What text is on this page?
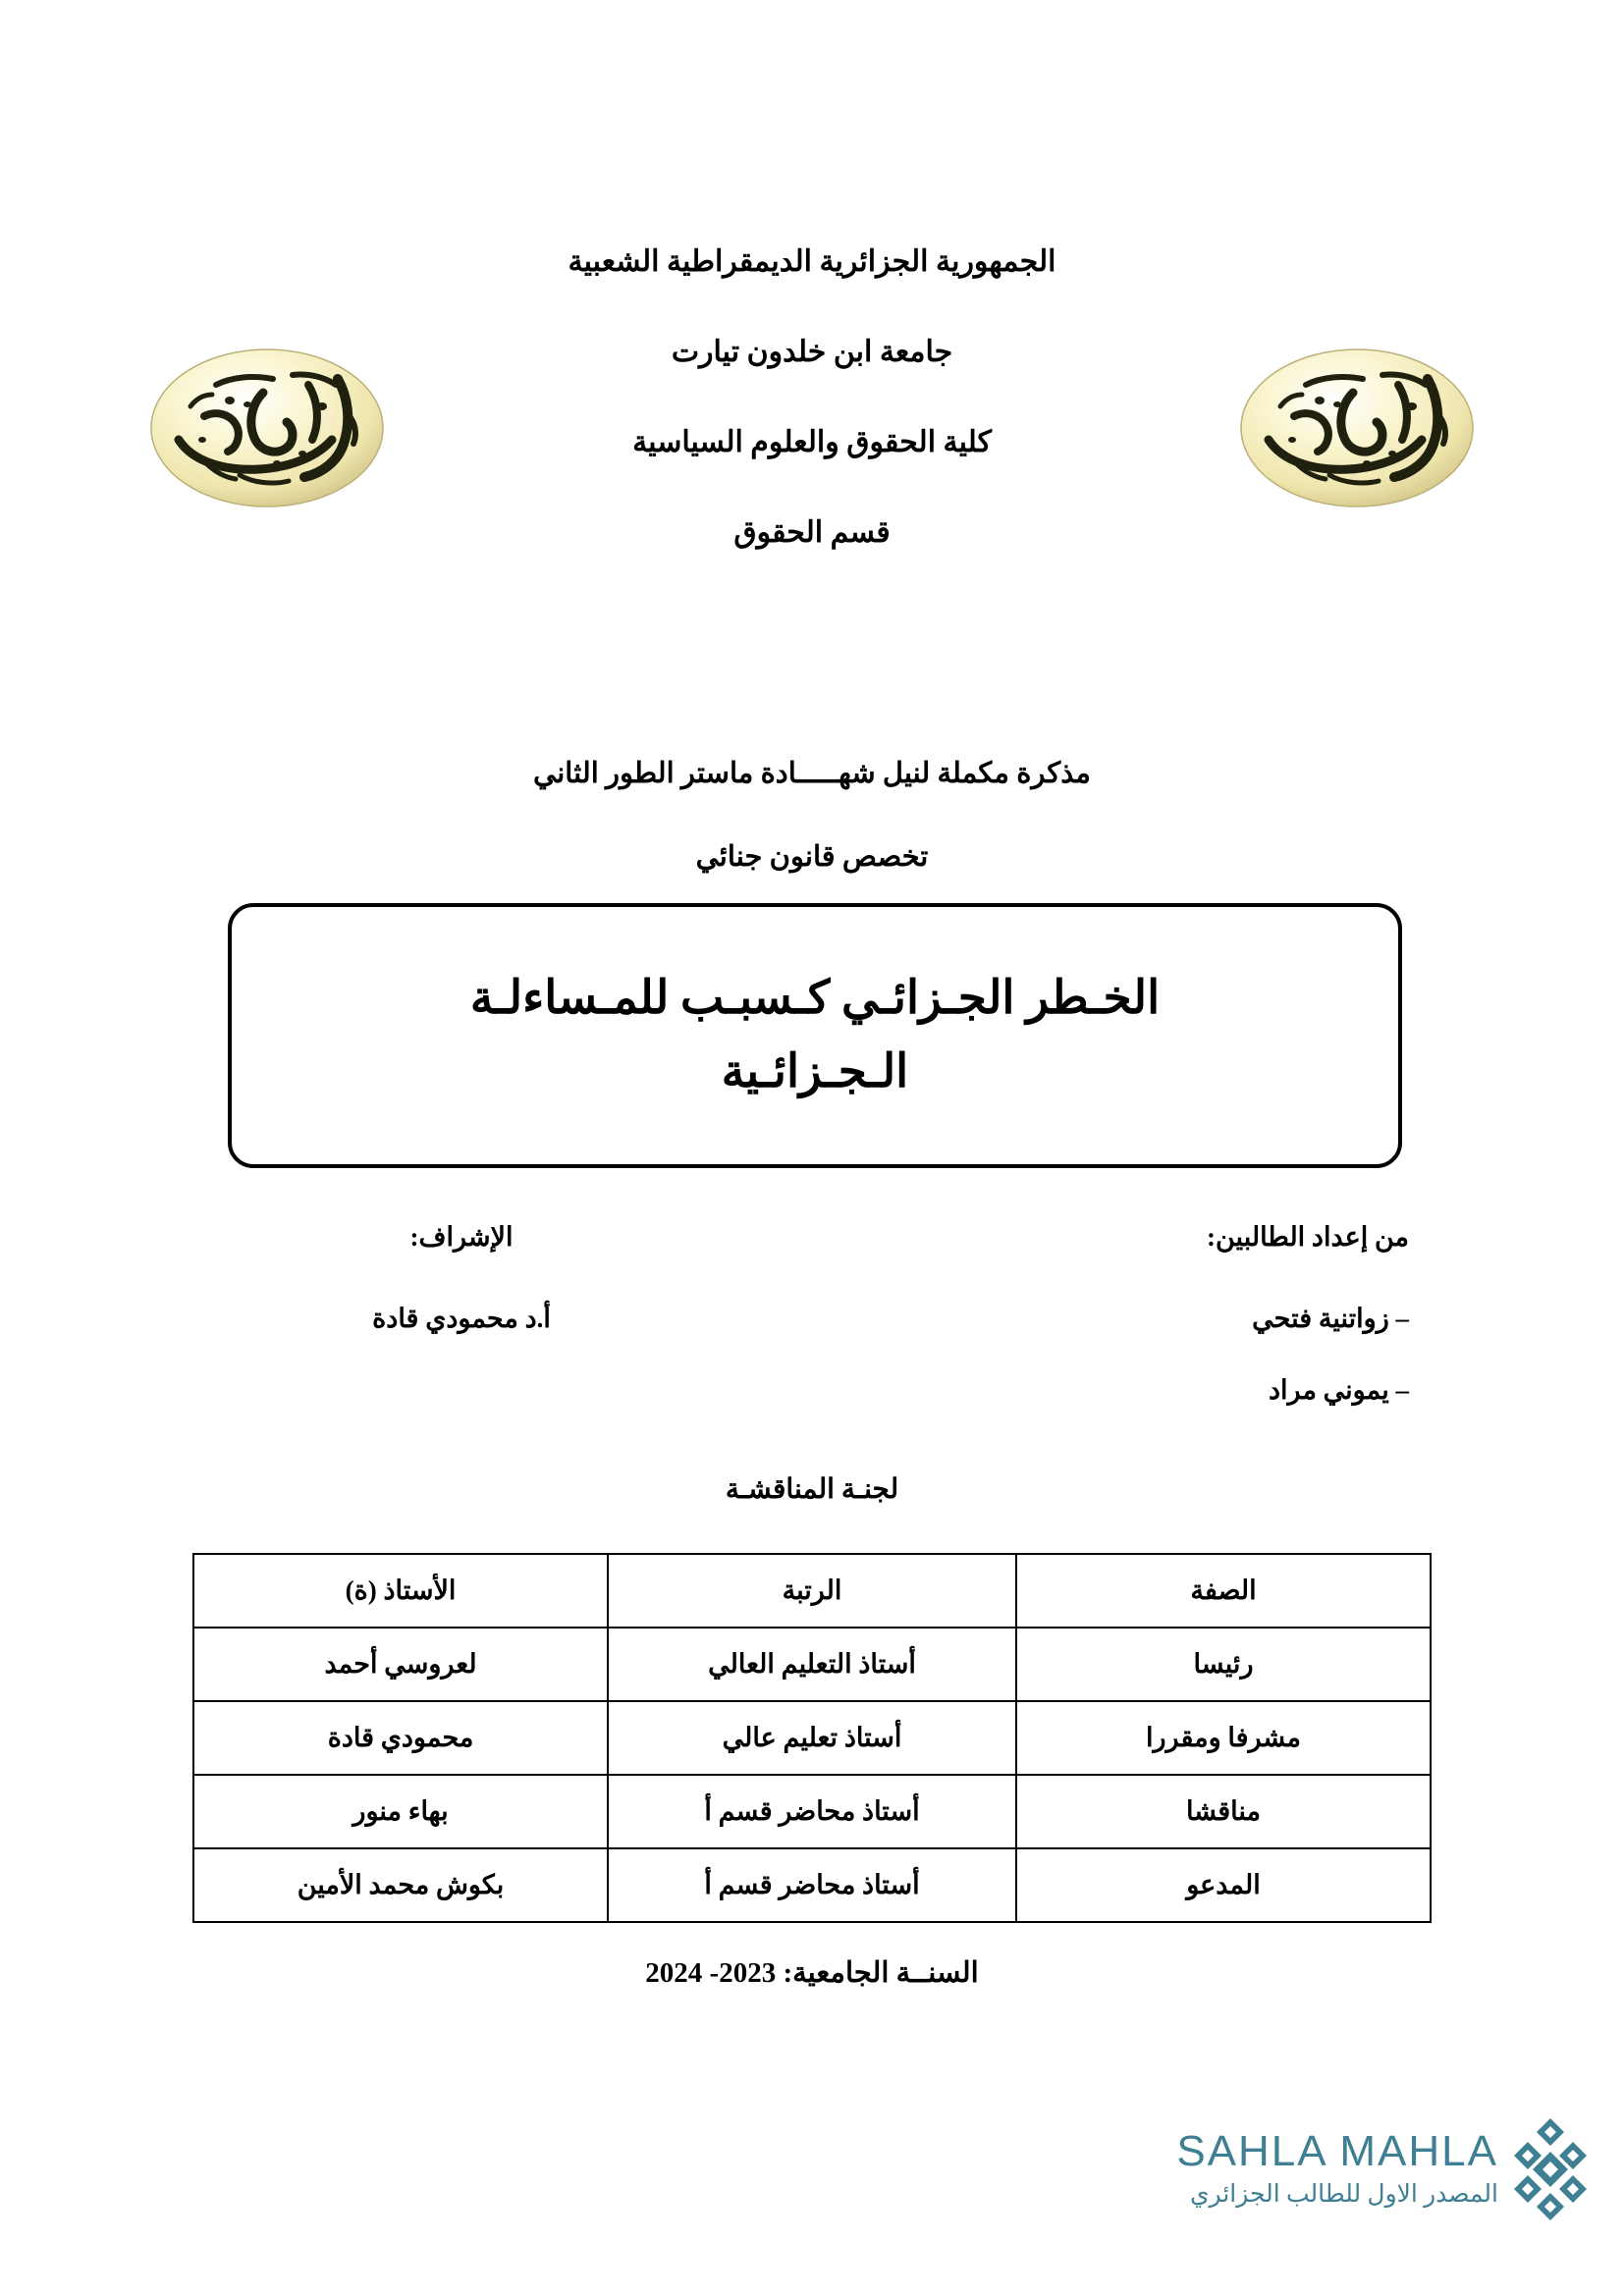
الجمهورية الجزائرية الديمقراطية الشعبية
جامعة ابن خلدون تيارت
كلية الحقوق والعلوم السياسية
قسم الحقوق
مذكرة مكملة لنيل شهـــــادة ماستر الطور الثاني
تخصص قانون جنائي
الخـطر الجـزائـي كـسبـب للمـساءلـة
الـجـزائـية
الإشراف:
أ.د محمودي قادة
من إعداد الطالبين:
– زواتنية فتحي
– يموني مراد
لجنـة المناقشـة
الصفة	الرتبة	الأستاذ (ة)
رئيسا	أستاذ التعليم العالي	لعروسي أحمد
مشرفا ومقررا	أستاذ تعليم عالي	محمودي قادة
مناقشا	أستاذ محاضر قسم أ	بهاء منور
المدعو	أستاذ محاضر قسم أ	بكوش محمد الأمين
السنــة الجامعية: 2023- 2024
SAHLA MAHLA
المصدر الاول للطالب الجزائري
